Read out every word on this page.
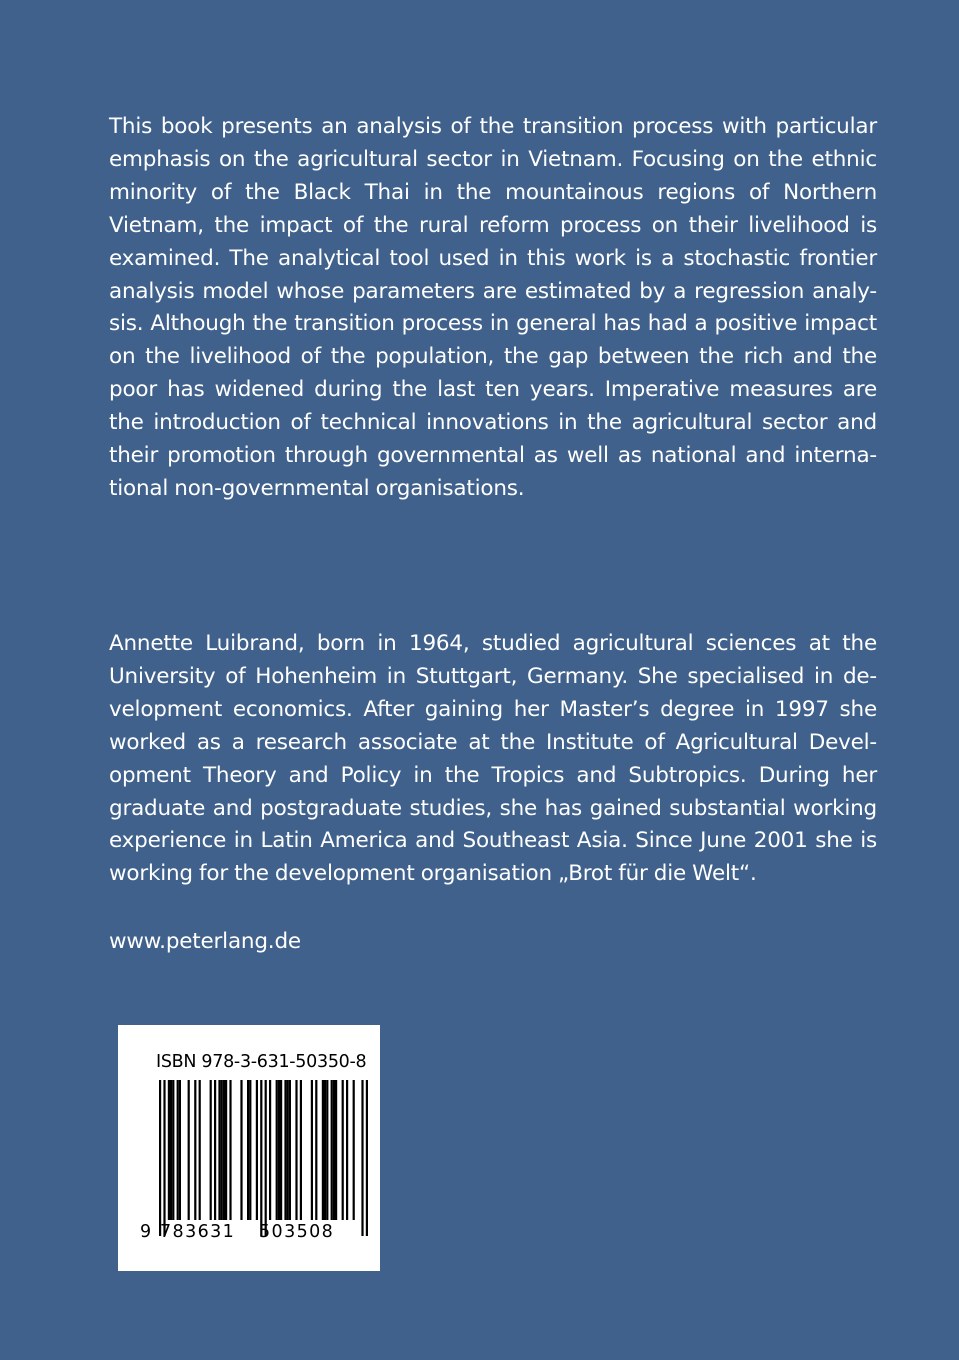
This book presents an analysis of the transition process with particular
emphasis on the agricultural sector in Vietnam. Focusing on the ethnic
minority of the Black Thai in the mountainous regions of Northern
Vietnam, the impact of the rural reform process on their livelihood is
examined. The analytical tool used in this work is a stochastic frontier
analysis model whose parameters are estimated by a regression analy-
sis. Although the transition process in general has had a positive impact
on the livelihood of the population, the gap between the rich and the
poor has widened during the last ten years. Imperative measures are
the introduction of technical innovations in the agricultural sector and
their promotion through governmental as well as national and interna-
tional non-governmental organisations.
Annette Luibrand, born in 1964, studied agricultural sciences at the
University of Hohenheim in Stuttgart, Germany. She specialised in de-
velopment economics. After gaining her Master’s degree in 1997 she
worked as a research associate at the Institute of Agricultural Devel-
opment Theory and Policy in the Tropics and Subtropics. During her
graduate and postgraduate studies, she has gained substantial working
experience in Latin America and Southeast Asia. Since June 2001 she is
working for the development organisation „Brot für die Welt“.
www.peterlang.de
ISBN 978-3-631-50350-8
9 783631 503508
